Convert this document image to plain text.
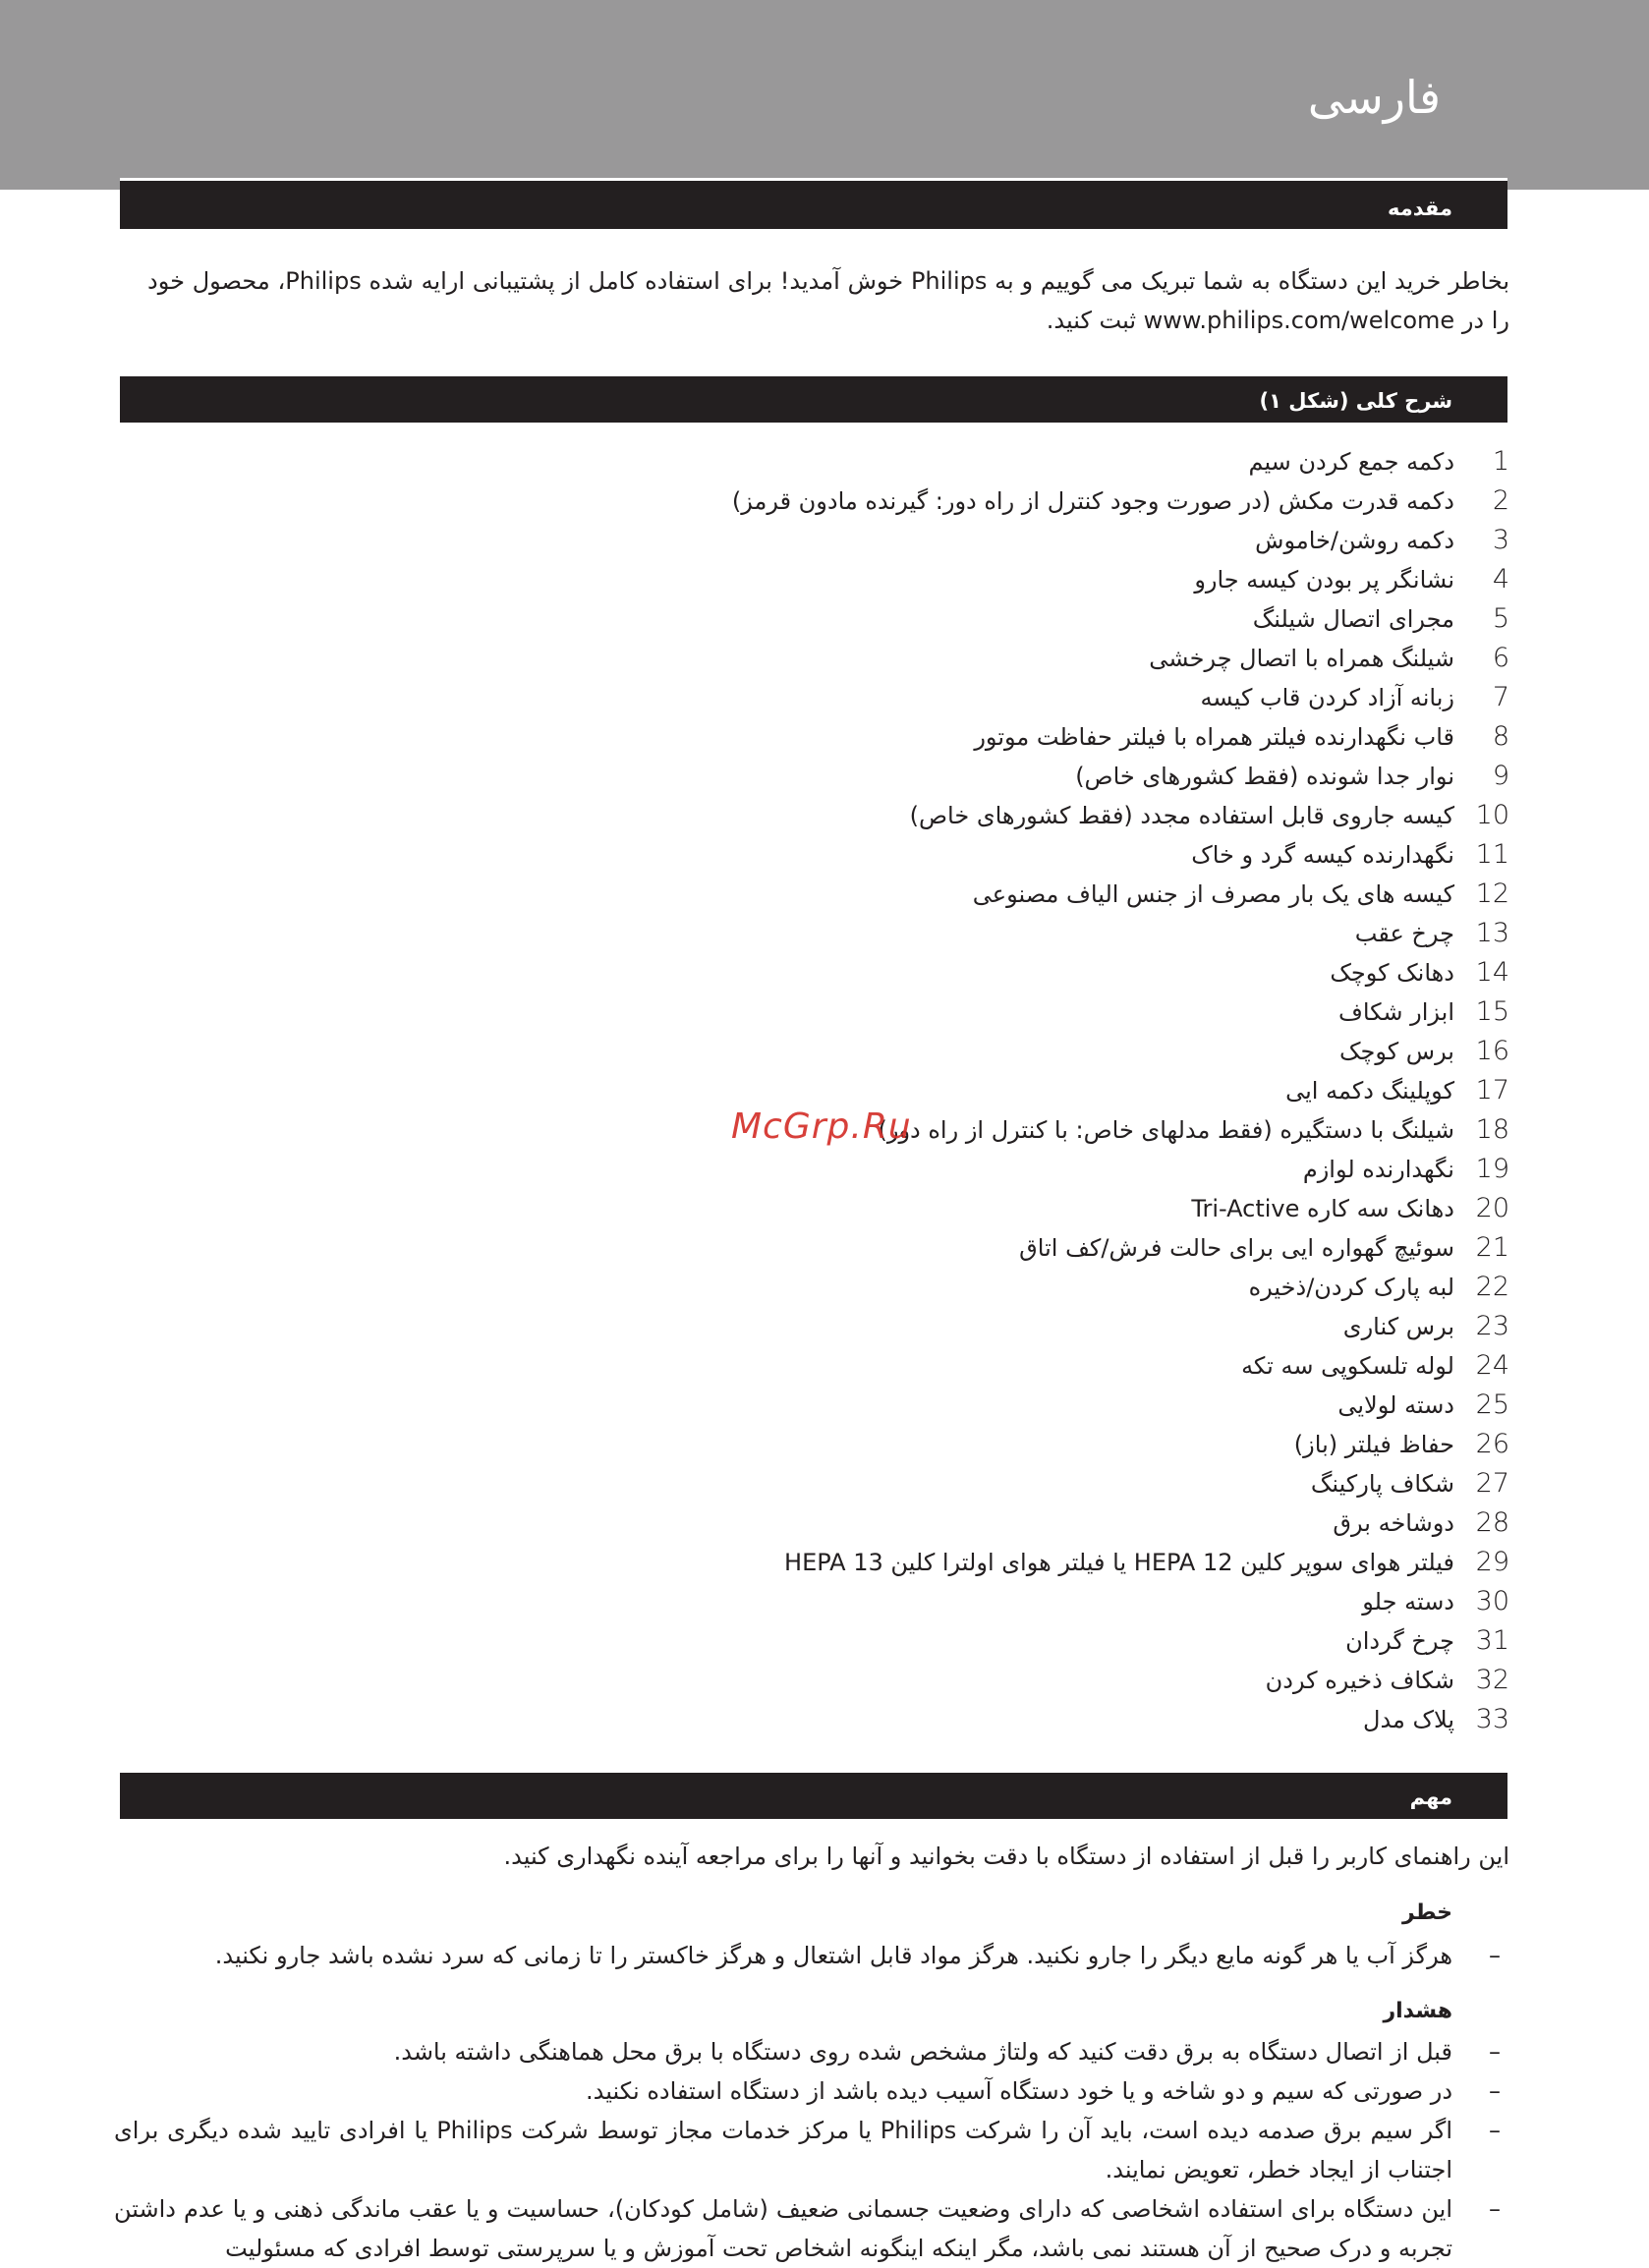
فارسی
مقدمه
بخاطر خرید این دستگاه به شما تبریک می گوییم و به Philips خوش آمدید! برای استفاده کامل از پشتیبانی ارایه شده Philips، محصول خود را در www.philips.com/welcome ثبت کنید.
شرح کلی (شکل ۱)
1دکمه جمع کردن سیم
2دکمه قدرت مکش (در صورت وجود کنترل از راه دور: گیرنده مادون قرمز)
3دکمه روشن/خاموش
4نشانگر پر بودن کیسه جارو
5مجرای اتصال شیلنگ
6شیلنگ همراه با اتصال چرخشی
7زبانه آزاد کردن قاب کیسه
8قاب نگهدارنده فیلتر همراه با فیلتر حفاظت موتور
9نوار جدا شونده (فقط کشورهای خاص)
10کیسه جاروی قابل استفاده مجدد (فقط کشورهای خاص)
11نگهدارنده کیسه گرد و خاک
12کیسه های یک بار مصرف از جنس الیاف مصنوعی
13چرخ عقب
14دهانک کوچک
15ابزار شکاف
16برس کوچک
17کوپلینگ دکمه ایی
18شیلنگ با دستگیره (فقط مدلهای خاص: با کنترل از راه دور)
19نگهدارنده لوازم
20دهانک سه کاره Tri-Active
21سوئیچ گهواره ایی برای حالت فرش/کف اتاق
22لبه پارک کردن/ذخیره
23برس کناری
24لوله تلسکوپی سه تکه
25دسته لولایی
26حفاظ فیلتر (باز)
27شکاف پارکینگ
28دوشاخه برق
29فیلتر هوای سوپر کلین HEPA 12 یا فیلتر هوای اولترا کلین HEPA 13
30دسته جلو
31چرخ گردان
32شکاف ذخیره کردن
33پلاک مدل
McGrp.Ru
مهم
این راهنمای کاربر را قبل از استفاده از دستگاه با دقت بخوانید و آنها را برای مراجعه آینده نگهداری کنید.
خطر
–
هرگز آب یا هر گونه مایع دیگر را جارو نکنید. هرگز مواد قابل اشتعال و هرگز خاکستر را تا زمانی که سرد نشده باشد جارو نکنید.
هشدار
–
قبل از اتصال دستگاه به برق دقت کنید که ولتاژ مشخص شده روی دستگاه با برق محل هماهنگی داشته باشد.
–
در صورتی که سیم و دو شاخه و یا خود دستگاه آسیب دیده باشد از دستگاه استفاده نکنید.
–
اگر سیم برق صدمه دیده است، باید آن را شرکت Philips یا مرکز خدمات مجاز توسط شرکت Philips یا افرادی تایید شده دیگری برای اجتناب از ایجاد خطر، تعویض نمایند.
–
این دستگاه برای استفاده اشخاصی که دارای وضعیت جسمانی ضعیف (شامل کودکان)، حساسیت و یا عقب ماندگی ذهنی و یا عدم داشتن تجربه و درک صحیح از آن هستند نمی باشد، مگر اینکه اینگونه اشخاص تحت آموزش و یا سرپرستی توسط افرادی که مسئولیت
